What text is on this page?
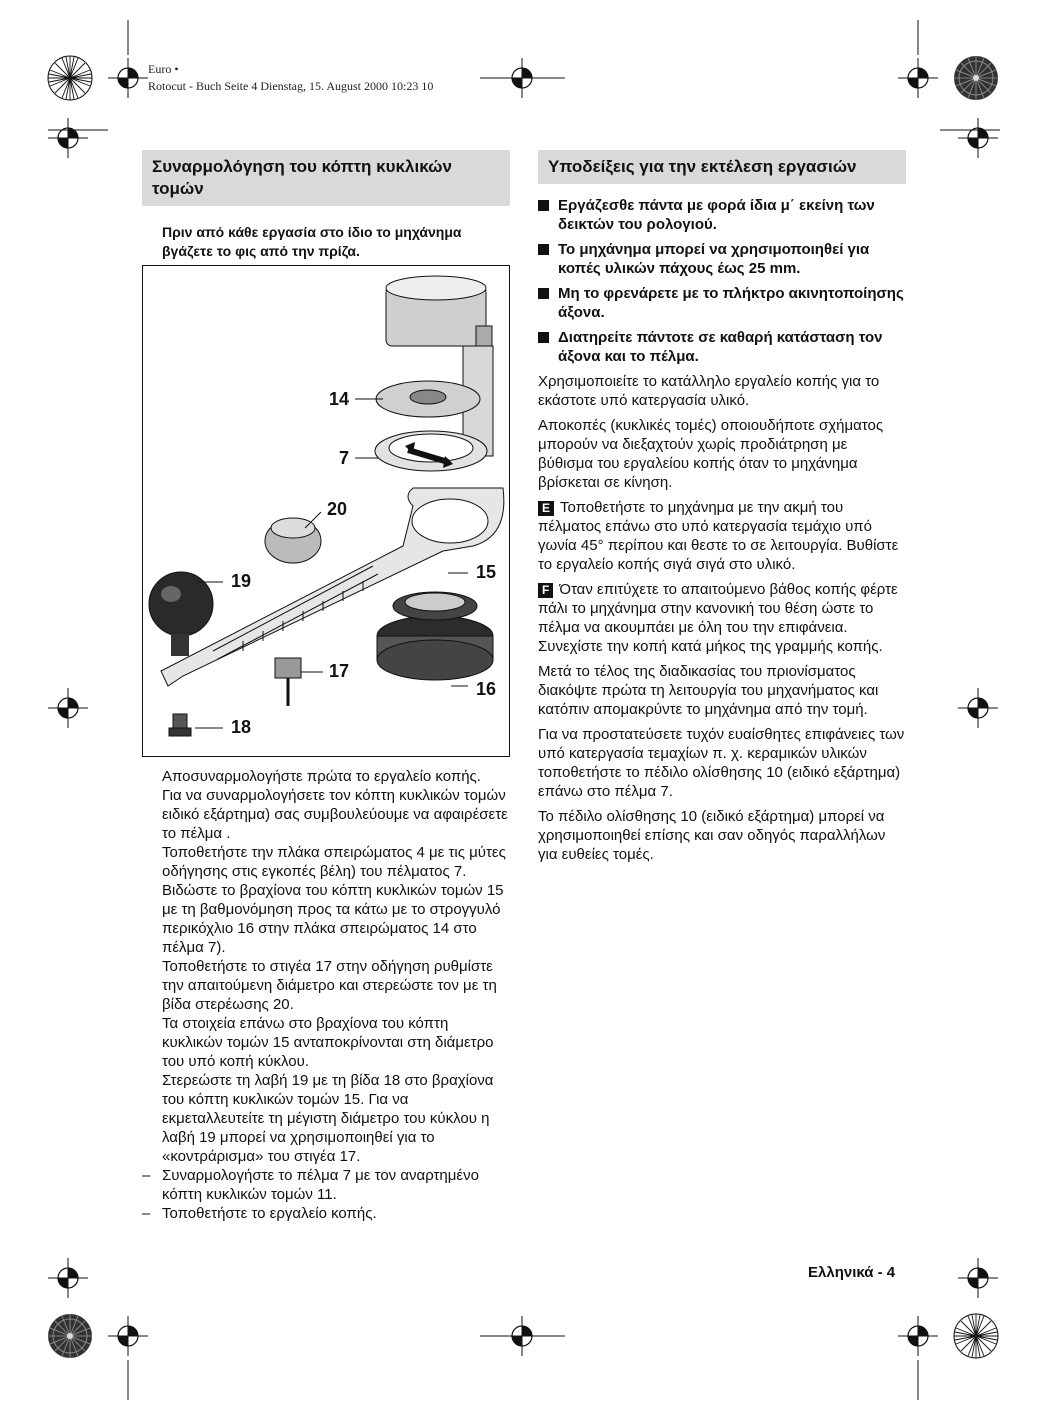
Euro •
Rotocut - Buch Seite 4 Dienstag, 15. August 2000 10:23 10
Συναρμολόγηση του κόπτη κυκλικών τομών
Πριν από κάθε εργασία στο ίδιο το μηχάνημα βγάζετε το φις από την πρίζα.
14
7
20
19	15
17
16
18
Αποσυναρμολογήστε πρώτα το εργαλείο κοπής.
Για να συναρμολογήσετε τον κόπτη κυκλικών τομών ειδικό εξάρτημα) σας συμβουλεύουμε να αφαιρέσετε το πέλμα .
Τοποθετήστε την πλάκα σπειρώματος 4 με τις μύτες οδήγησης στις εγκοπές βέλη) του πέλματος 7.
Βιδώστε το βραχίονα του κόπτη κυκλικών τομών 15 με τη βαθμονόμηση προς τα κάτω με το στρογγυλό περικόχλιο 16 στην πλάκα σπειρώματος 14 στο πέλμα 7).
Τοποθετήστε το στιγέα 17 στην οδήγηση ρυθμίστε την απαιτούμενη διάμετρο και στερεώστε τον με τη βίδα στερέωσης 20.
Τα στοιχεία επάνω στο βραχίονα του κόπτη κυκλικών τομών 15 ανταποκρίνονται στη διάμετρο του υπό κοπή κύκλου.
Στερεώστε τη λαβή 19 με τη βίδα 18 στο βραχίονα του κόπτη κυκλικών τομών 15. Για να εκμεταλλευτείτε τη μέγιστη διάμετρο του κύκλου η λαβή 19 μπορεί να χρησιμοποιηθεί για το «κοντράρισμα» του στιγέα 17.
– Συναρμολογήστε το πέλμα 7 με τον αναρτημένο κόπτη κυκλικών τομών 11.
– Τοποθετήστε το εργαλείο κοπής.
Υποδείξεις για την εκτέλεση εργασιών
Εργάζεσθε πάντα με φορά ίδια μ΄ εκείνη των δεικτών του ρολογιού.
Το μηχάνημα μπορεί να χρησιμοποιηθεί για κοπές υλικών πάχους έως 25 mm.
Μη το φρενάρετε με το πλήκτρο ακινητοποίησης άξονα.
Διατηρείτε πάντοτε σε καθαρή κατάσταση τον άξονα και το πέλμα.

Χρησιμοποιείτε το κατάλληλο εργαλείο κοπής για το εκάστοτε υπό κατεργασία υλικό.

Αποκοπές (κυκλικές τομές) οποιουδήποτε σχήματος μπορούν να διεξαχτούν χωρίς προδιάτρηση με βύθισμα του εργαλείου κοπής όταν το μηχάνημα βρίσκεται σε κίνηση.

E Τοποθετήστε το μηχάνημα με την ακμή του πέλματος επάνω στο υπό κατεργασία τεμάχιο υπό γωνία 45° περίπου και θεστε το σε λειτουργία. Βυθίστε το εργαλείο κοπής σιγά σιγά στο υλικό.

F Όταν επιτύχετε το απαιτούμενο βάθος κοπής φέρτε πάλι το μηχάνημα στην κανονική του θέση ώστε το πέλμα να ακουμπάει με όλη του την επιφάνεια. Συνεχίστε την κοπή κατά μήκος της γραμμής κοπής.

Μετά το τέλος της διαδικασίας του πριονίσματος διακόψτε πρώτα τη λειτουργία του μηχανήματος και κατόπιν απομακρύντε το μηχάνημα από την τομή.

Για να προστατεύσετε τυχόν ευαίσθητες επιφάνειες των υπό κατεργασία τεμαχίων π. χ. κεραμικών υλικών τοποθετήστε το πέδιλο ολίσθησης 10 (ειδικό εξάρτημα) επάνω στο πέλμα 7.

Το πέδιλο ολίσθησης 10 (ειδικό εξάρτημα) μπορεί να χρησιμοποιηθεί επίσης και σαν οδηγός παραλλήλων για ευθείες τομές.

Ελληνικά - 4
